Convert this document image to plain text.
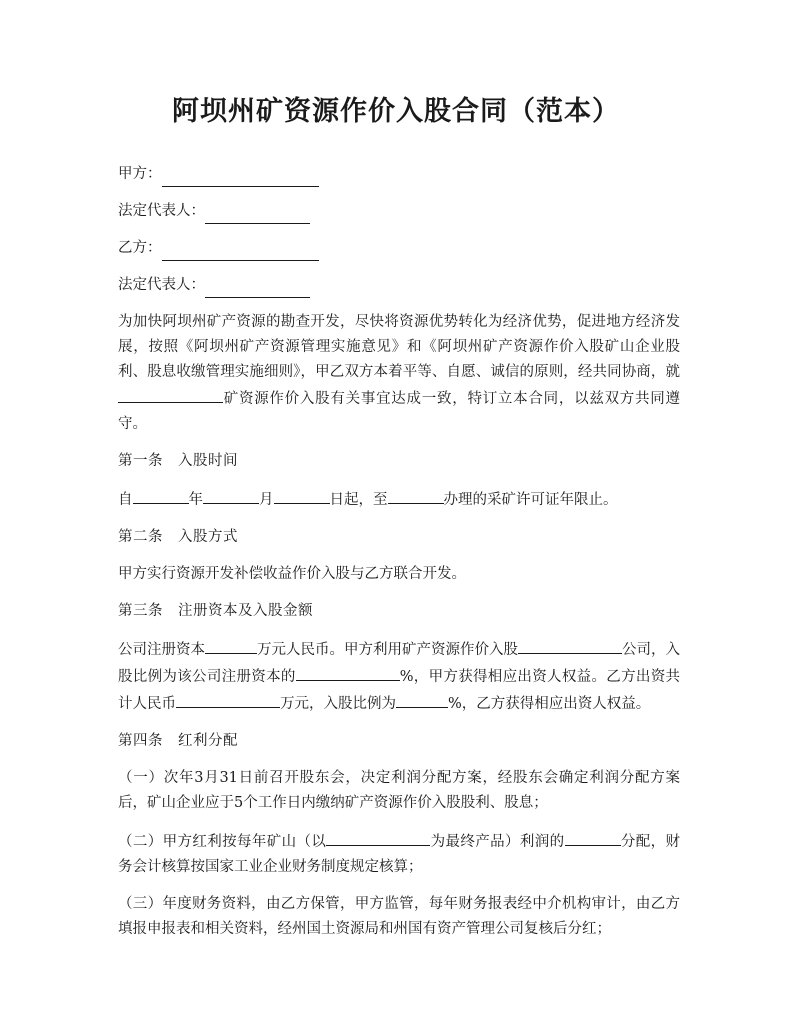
阿坝州矿资源作价入股合同（范本）

甲方：

法定代表人：

乙方：

法定代表人：

为加快阿坝州矿产资源的勘查开发，尽快将资源优势转化为经济优势，促进地方经济发展，按照《阿坝州矿产资源管理实施意见》和《阿坝州矿产资源作价入股矿山企业股利、股息收缴管理实施细则》，甲乙双方本着平等、自愿、诚信的原则，经共同协商，就矿资源作价入股有关事宜达成一致，特订立本合同，以兹双方共同遵守。

第一条　入股时间

自	年	月	日起，至	办理的采矿许可证年限止。

第二条　入股方式

甲方实行资源开发补偿收益作价入股与乙方联合开发。

第三条　注册资本及入股金额

公司注册资本	万元人民币。甲方利用矿产资源作价入股	公司，入股比例为该公司注册资本的	%，甲方获得相应出资人权益。乙方出资共计人民币	万元，入股比例为	%，乙方获得相应出资人权益。

第四条　红利分配

（一）次年3月31日前召开股东会，决定利润分配方案，经股东会确定利润分配方案后，矿山企业应于5个工作日内缴纳矿产资源作价入股股利、股息；

（二）甲方红利按每年矿山（以	为最终产品）利润的	分配，财务会计核算按国家工业企业财务制度规定核算；

（三）年度财务资料，由乙方保管，甲方监管，每年财务报表经中介机构审计，由乙方填报申报表和相关资料，经州国土资源局和州国有资产管理公司复核后分红；
